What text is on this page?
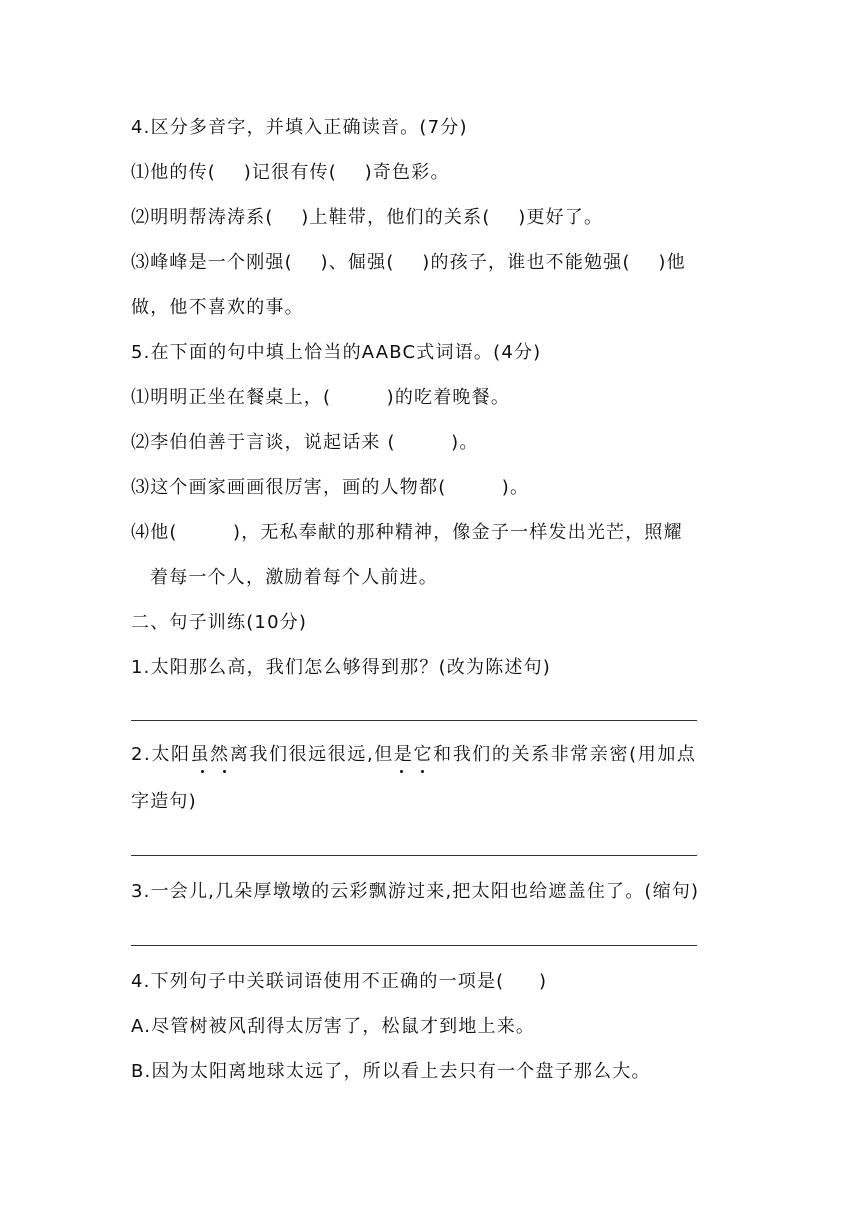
4.区分多音字，并填入正确读音。(7分)
⑴他的传(    )记很有传(    )奇色彩。
⑵明明帮涛涛系(    )上鞋带，他们的关系(    )更好了。
⑶峰峰是一个刚强(    )、倔强(    )的孩子，谁也不能勉强(    )他
做，他不喜欢的事。
5.在下面的句中填上恰当的AABC式词语。(4分)
⑴明明正坐在餐桌上，(        )的吃着晚餐。
⑵李伯伯善于言谈，说起话来 (        )。
⑶这个画家画画很厉害，画的人物都(        )。
⑷他(        )，无私奉献的那种精神，像金子一样发出光芒，照耀
着每一个人，激励着每个人前进。
二、句子训练(10分)
1.太阳那么高，我们怎么够得到那？(改为陈述句)
2.太阳虽然离我们很远很远,但是它和我们的关系非常亲密(用加点
字造句)
3.一会儿,几朵厚墩墩的云彩飘游过来,把太阳也给遮盖住了。(缩句)
4.下列句子中关联词语使用不正确的一项是(     )
A.尽管树被风刮得太厉害了，松鼠才到地上来。
B.因为太阳离地球太远了，所以看上去只有一个盘子那么大。
